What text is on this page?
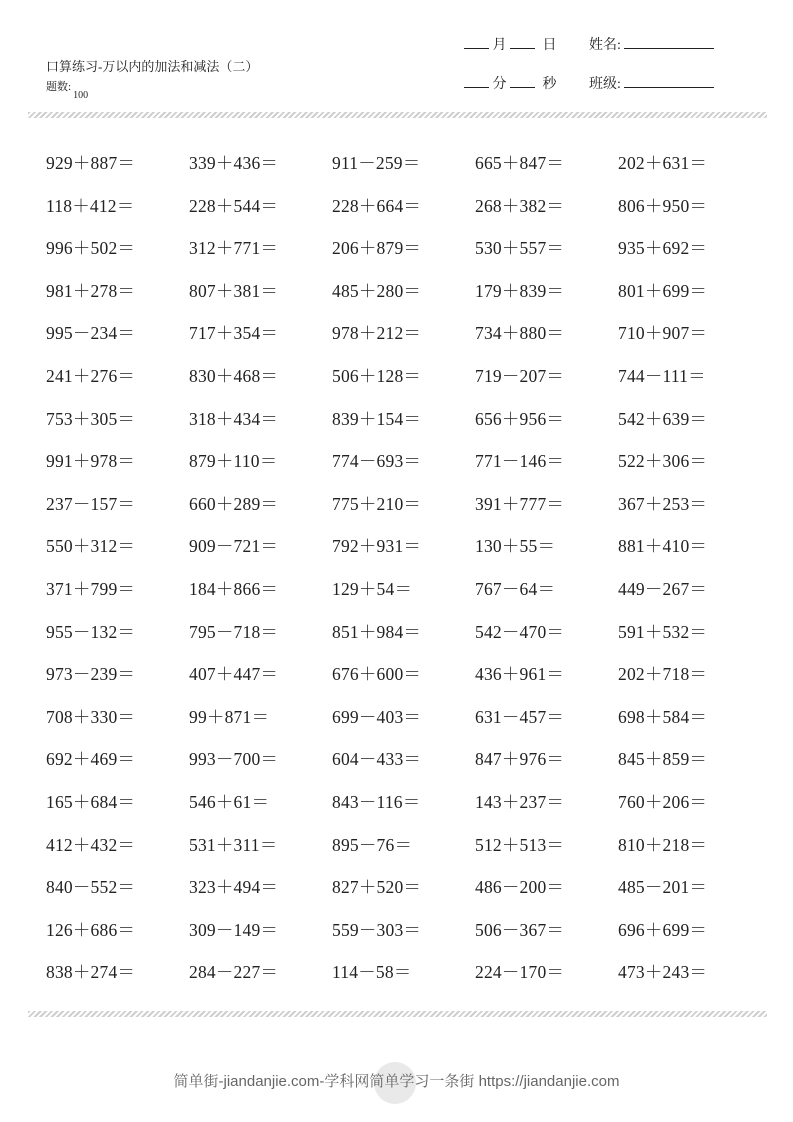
口算练习-万以内的加法和减法（二）
题数:100
月	日 姓名:
分	秒 班级:
929＋887＝	339＋436＝	911－259＝	665＋847＝	202＋631＝
118＋412＝	228＋544＝	228＋664＝	268＋382＝	806＋950＝
996＋502＝	312＋771＝	206＋879＝	530＋557＝	935＋692＝
981＋278＝	807＋381＝	485＋280＝	179＋839＝	801＋699＝
995－234＝	717＋354＝	978＋212＝	734＋880＝	710＋907＝
241＋276＝	830＋468＝	506＋128＝	719－207＝	744－111＝
753＋305＝	318＋434＝	839＋154＝	656＋956＝	542＋639＝
991＋978＝	879＋110＝	774－693＝	771－146＝	522＋306＝
237－157＝	660＋289＝	775＋210＝	391＋777＝	367＋253＝
550＋312＝	909－721＝	792＋931＝	130＋55＝	881＋410＝
371＋799＝	184＋866＝	129＋54＝	767－64＝	449－267＝
955－132＝	795－718＝	851＋984＝	542－470＝	591＋532＝
973－239＝	407＋447＝	676＋600＝	436＋961＝	202＋718＝
708＋330＝	99＋871＝	699－403＝	631－457＝	698＋584＝
692＋469＝	993－700＝	604－433＝	847＋976＝	845＋859＝
165＋684＝	546＋61＝	843－116＝	143＋237＝	760＋206＝
412＋432＝	531＋311＝	895－76＝	512＋513＝	810＋218＝
840－552＝	323＋494＝	827＋520＝	486－200＝	485－201＝
126＋686＝	309－149＝	559－303＝	506－367＝	696＋699＝
838＋274＝	284－227＝	114－58＝	224－170＝	473＋243＝
简单街-jiandanjie.com-学科网简单学习一条街 https://jiandanjie.com
